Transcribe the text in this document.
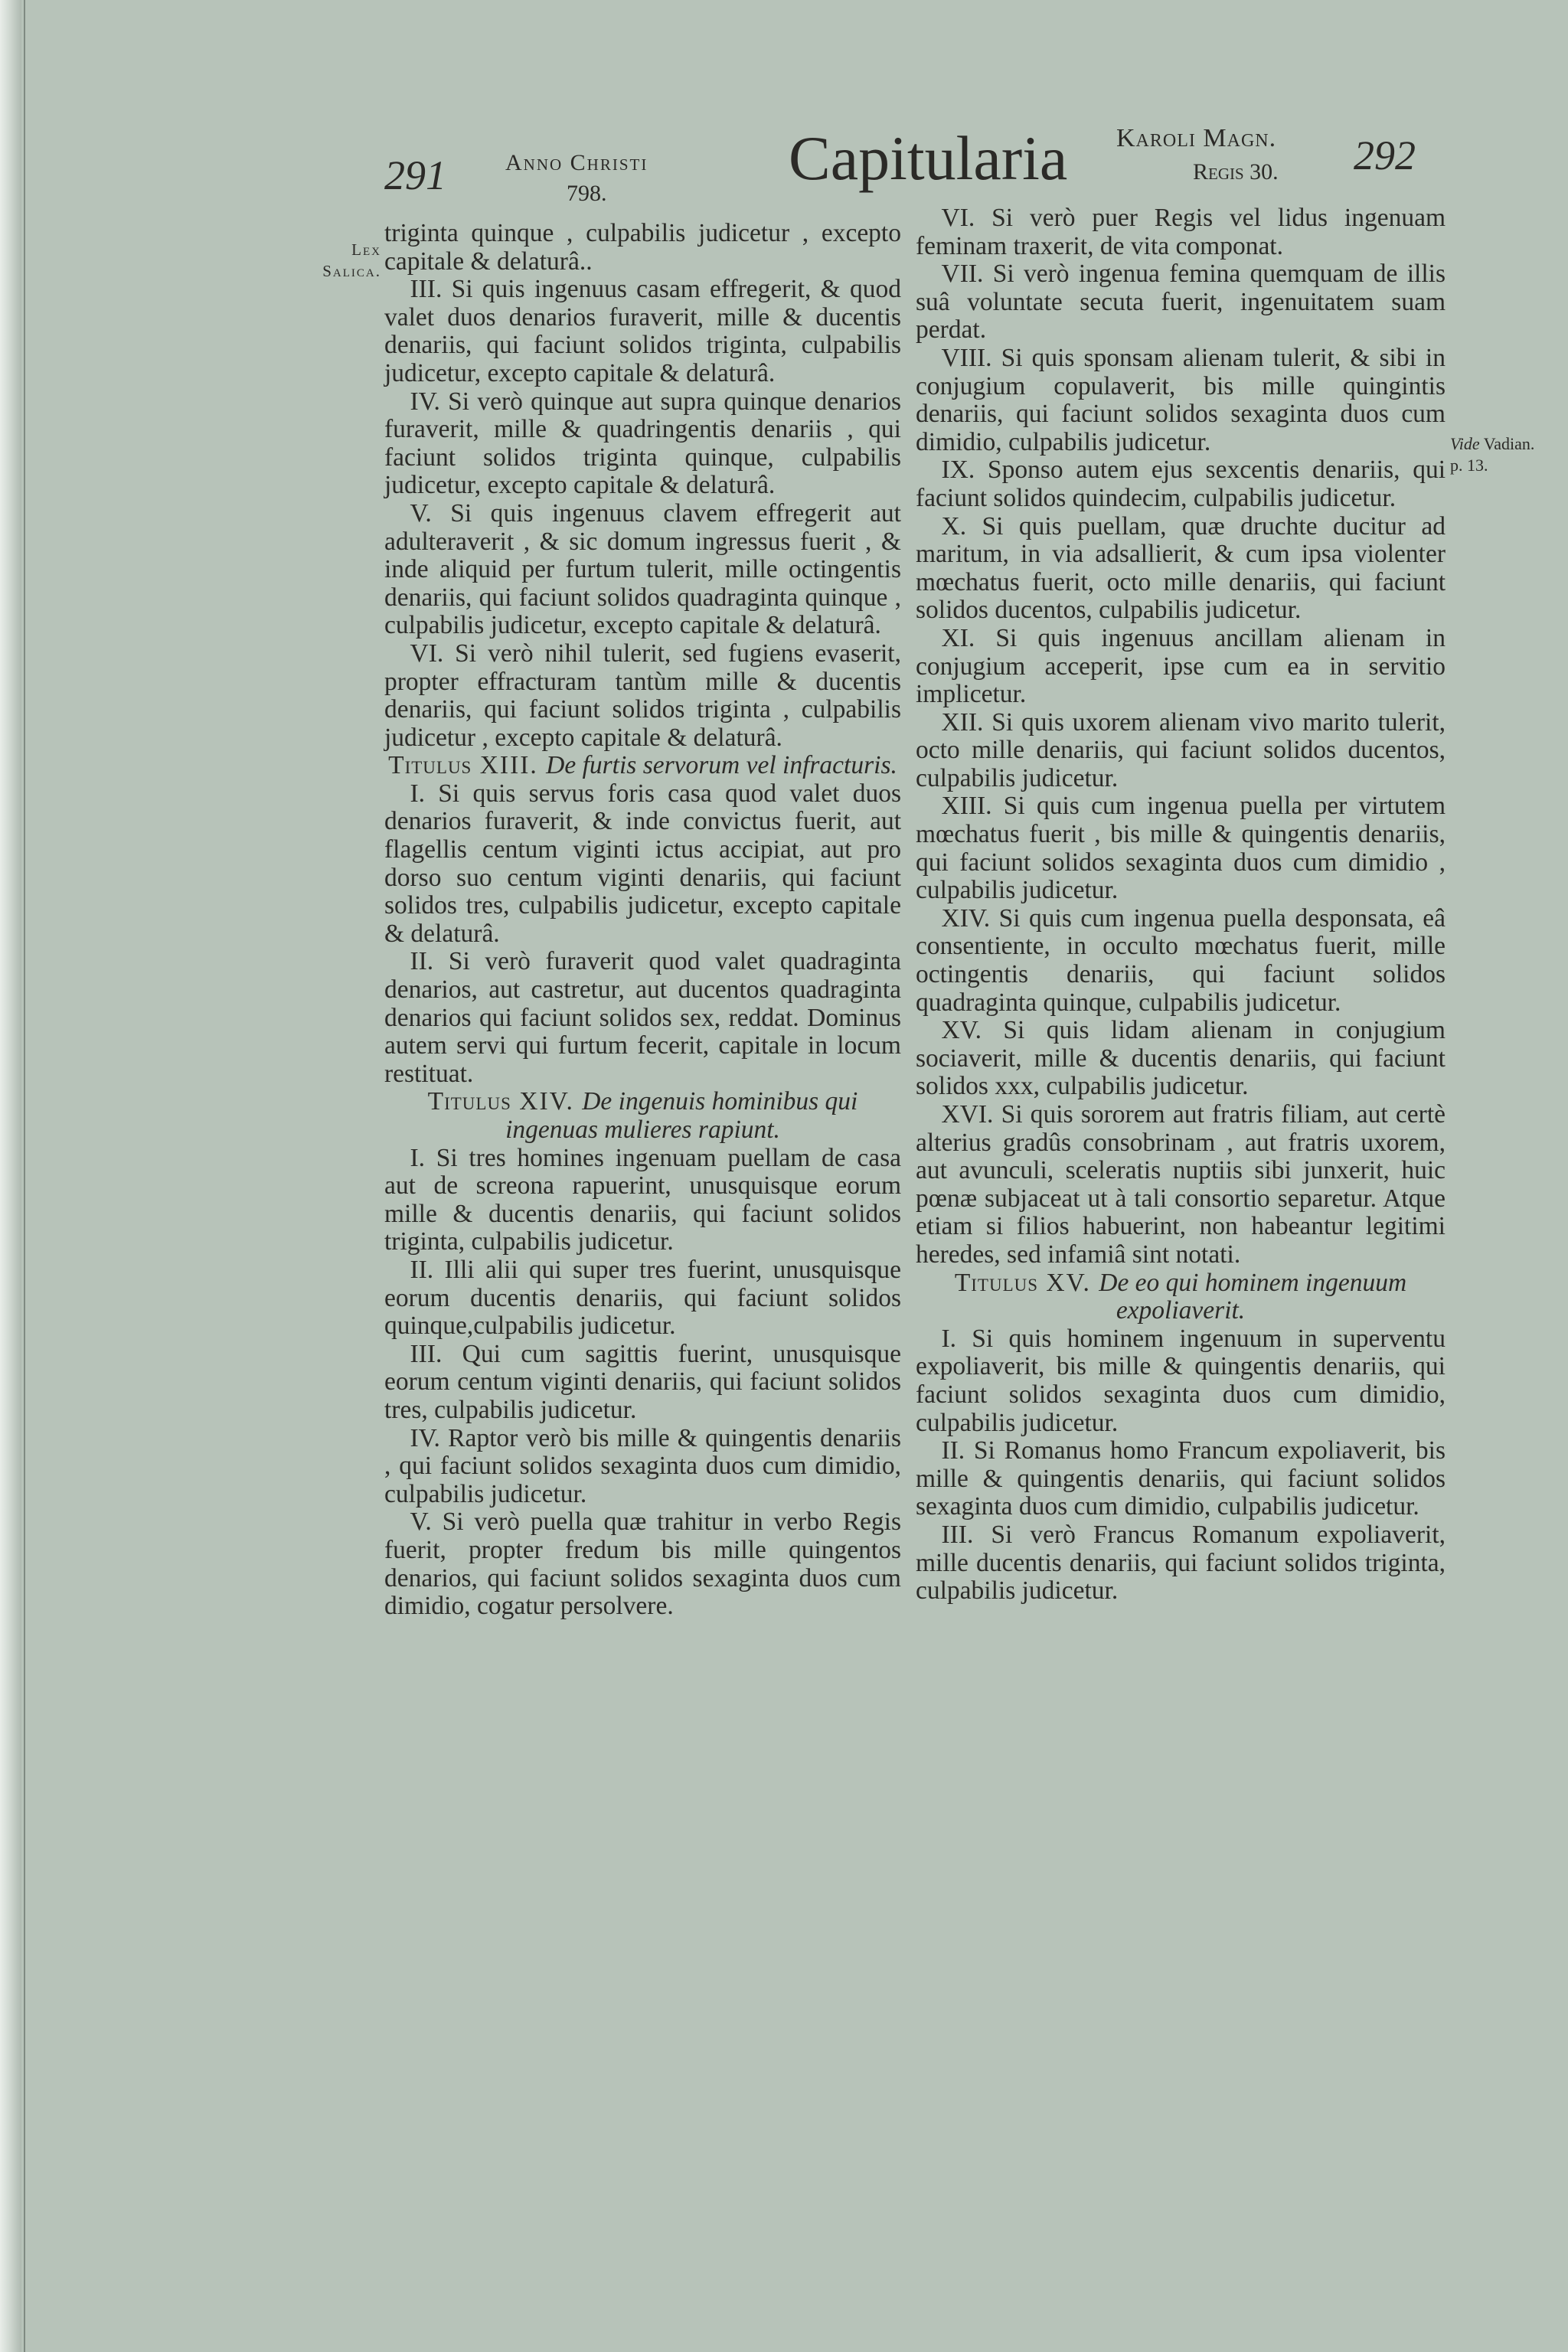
291	Anno Christi
798.
Capitularia Karoli Magn.
Regis 30. 292
Lex Salica.
Vide Vadian. p. 13.

triginta quinque , culpabilis judicetur , excepto capitale & delaturâ..

III. Si quis ingenuus casam effregerit, & quod valet duos denarios furaverit, mille & ducentis denariis, qui faciunt solidos triginta, culpabilis judicetur, excepto capitale & delaturâ.

IV. Si verò quinque aut supra quinque denarios furaverit, mille & quadringentis denariis , qui faciunt solidos triginta quinque, culpabilis judicetur, excepto capitale & delaturâ.

V. Si quis ingenuus clavem effregerit aut adulteraverit , & sic domum ingressus fuerit , & inde aliquid per furtum tulerit, mille octingentis denariis, qui faciunt solidos quadraginta quinque , culpabilis judicetur, excepto capitale & delaturâ.

VI. Si verò nihil tulerit, sed fugiens evaserit, propter effracturam tantùm mille & ducentis denariis, qui faciunt solidos triginta , culpabilis judicetur , excepto capitale & delaturâ.

Titulus XIII. De furtis servorum vel infracturis.

I. Si quis servus foris casa quod valet duos denarios furaverit, & inde convictus fuerit, aut flagellis centum viginti ictus accipiat, aut pro dorso suo centum viginti denariis, qui faciunt solidos tres, culpabilis judicetur, excepto capitale & delaturâ.

II. Si verò furaverit quod valet quadraginta denarios, aut castretur, aut ducentos quadraginta denarios qui faciunt solidos sex, reddat. Dominus autem servi qui furtum fecerit, capitale in locum restituat.

Titulus XIV. De ingenuis hominibus qui ingenuas mulieres rapiunt.

I. Si tres homines ingenuam puellam de casa aut de screona rapuerint, unusquisque eorum mille & ducentis denariis, qui faciunt solidos triginta, culpabilis judicetur.

II. Illi alii qui super tres fuerint, unusquisque eorum ducentis denariis, qui faciunt solidos quinque,culpabilis judicetur.

III. Qui cum sagittis fuerint, unusquisque eorum centum viginti denariis, qui faciunt solidos tres, culpabilis judicetur.

IV. Raptor verò bis mille & quingentis denariis , qui faciunt solidos sexaginta duos cum dimidio, culpabilis judicetur.

V. Si verò puella quæ trahitur in verbo Regis fuerit, propter fredum bis mille quingentos denarios, qui faciunt solidos sexaginta duos cum dimidio, cogatur persolvere.

VI. Si verò puer Regis vel lidus ingenuam feminam traxerit, de vita componat.

VII. Si verò ingenua femina quemquam de illis suâ voluntate secuta fuerit, ingenuitatem suam perdat.

VIII. Si quis sponsam alienam tulerit, & sibi in conjugium copulaverit, bis mille quingintis denariis, qui faciunt solidos sexaginta duos cum dimidio, culpabilis judicetur.

IX. Sponso autem ejus sexcentis denariis, qui faciunt solidos quindecim, culpabilis judicetur.

X. Si quis puellam, quæ druchte ducitur ad maritum, in via adsallierit, & cum ipsa violenter mœchatus fuerit, octo mille denariis, qui faciunt solidos ducentos, culpabilis judicetur.

XI. Si quis ingenuus ancillam alienam in conjugium acceperit, ipse cum ea in servitio implicetur.

XII. Si quis uxorem alienam vivo marito tulerit, octo mille denariis, qui faciunt solidos ducentos, culpabilis judicetur.

XIII. Si quis cum ingenua puella per virtutem mœchatus fuerit , bis mille & quingentis denariis, qui faciunt solidos sexaginta duos cum dimidio , culpabilis judicetur.

XIV. Si quis cum ingenua puella desponsata, eâ consentiente, in occulto mœchatus fuerit, mille octingentis denariis, qui faciunt solidos quadraginta quinque, culpabilis judicetur.

XV. Si quis lidam alienam in conjugium sociaverit, mille & ducentis denariis, qui faciunt solidos xxx, culpabilis judicetur.

XVI. Si quis sororem aut fratris filiam, aut certè alterius gradûs consobrinam , aut fratris uxorem, aut avunculi, sceleratis nuptiis sibi junxerit, huic pœnæ subjaceat ut à tali consortio separetur. Atque etiam si filios habuerint, non habeantur legitimi heredes, sed infamiâ sint notati.

Titulus XV. De eo qui hominem ingenuum expoliaverit.

I. Si quis hominem ingenuum in superventu expoliaverit, bis mille & quingentis denariis, qui faciunt solidos sexaginta duos cum dimidio, culpabilis judicetur.

II. Si Romanus homo Francum expoliaverit, bis mille & quingentis denariis, qui faciunt solidos sexaginta duos cum dimidio, culpabilis judicetur.

III. Si verò Francus Romanum expoliaverit, mille ducentis denariis, qui faciunt solidos triginta, culpabilis judicetur.
